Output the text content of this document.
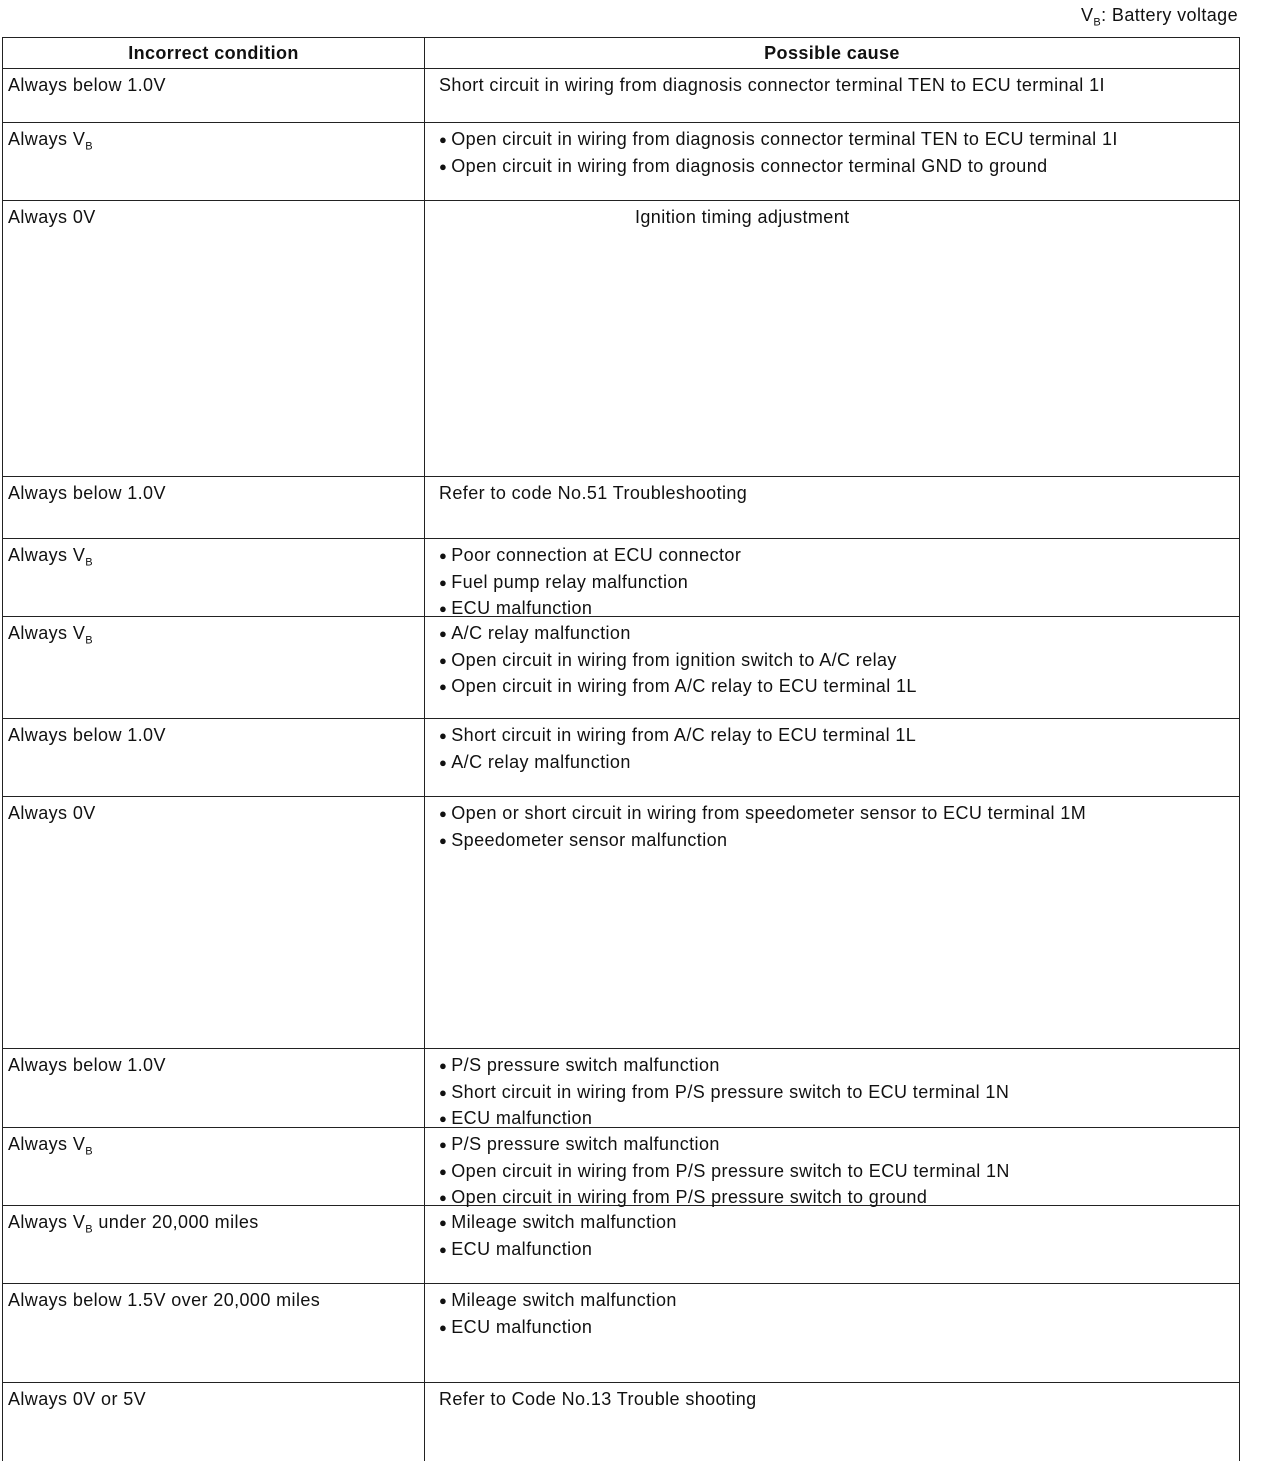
$V_B$: Battery voltage
Incorrect condition	Possible cause
Always below 1.0V	Short circuit in wiring from diagnosis connector terminal TEN to ECU terminal 1I
Always $V_B$	● Open circuit in wiring from diagnosis connector terminal TEN to ECU terminal 1I
● Open circuit in wiring from diagnosis connector terminal GND to ground
Always 0V	Ignition timing adjustment
Always below 1.0V	Refer to code No.51 Troubleshooting
Always $V_B$	● Poor connection at ECU connector
● Fuel pump relay malfunction
● ECU malfunction
Always $V_B$	● A/C relay malfunction
● Open circuit in wiring from ignition switch to A/C relay
● Open circuit in wiring from A/C relay to ECU terminal 1L
Always below 1.0V	● Short circuit in wiring from A/C relay to ECU terminal 1L
● A/C relay malfunction
Always 0V	● Open or short circuit in wiring from speedometer sensor to ECU terminal 1M
● Speedometer sensor malfunction
Always below 1.0V	● P/S pressure switch malfunction
● Short circuit in wiring from P/S pressure switch to ECU terminal 1N
● ECU malfunction
Always $V_B$	● P/S pressure switch malfunction
● Open circuit in wiring from P/S pressure switch to ECU terminal 1N
● Open circuit in wiring from P/S pressure switch to ground
Always $V_B$ under 20,000 miles	● Mileage switch malfunction
● ECU malfunction
Always below 1.5V over 20,000 miles	● Mileage switch malfunction
● ECU malfunction
Always 0V or 5V	Refer to Code No.13 Trouble shooting
